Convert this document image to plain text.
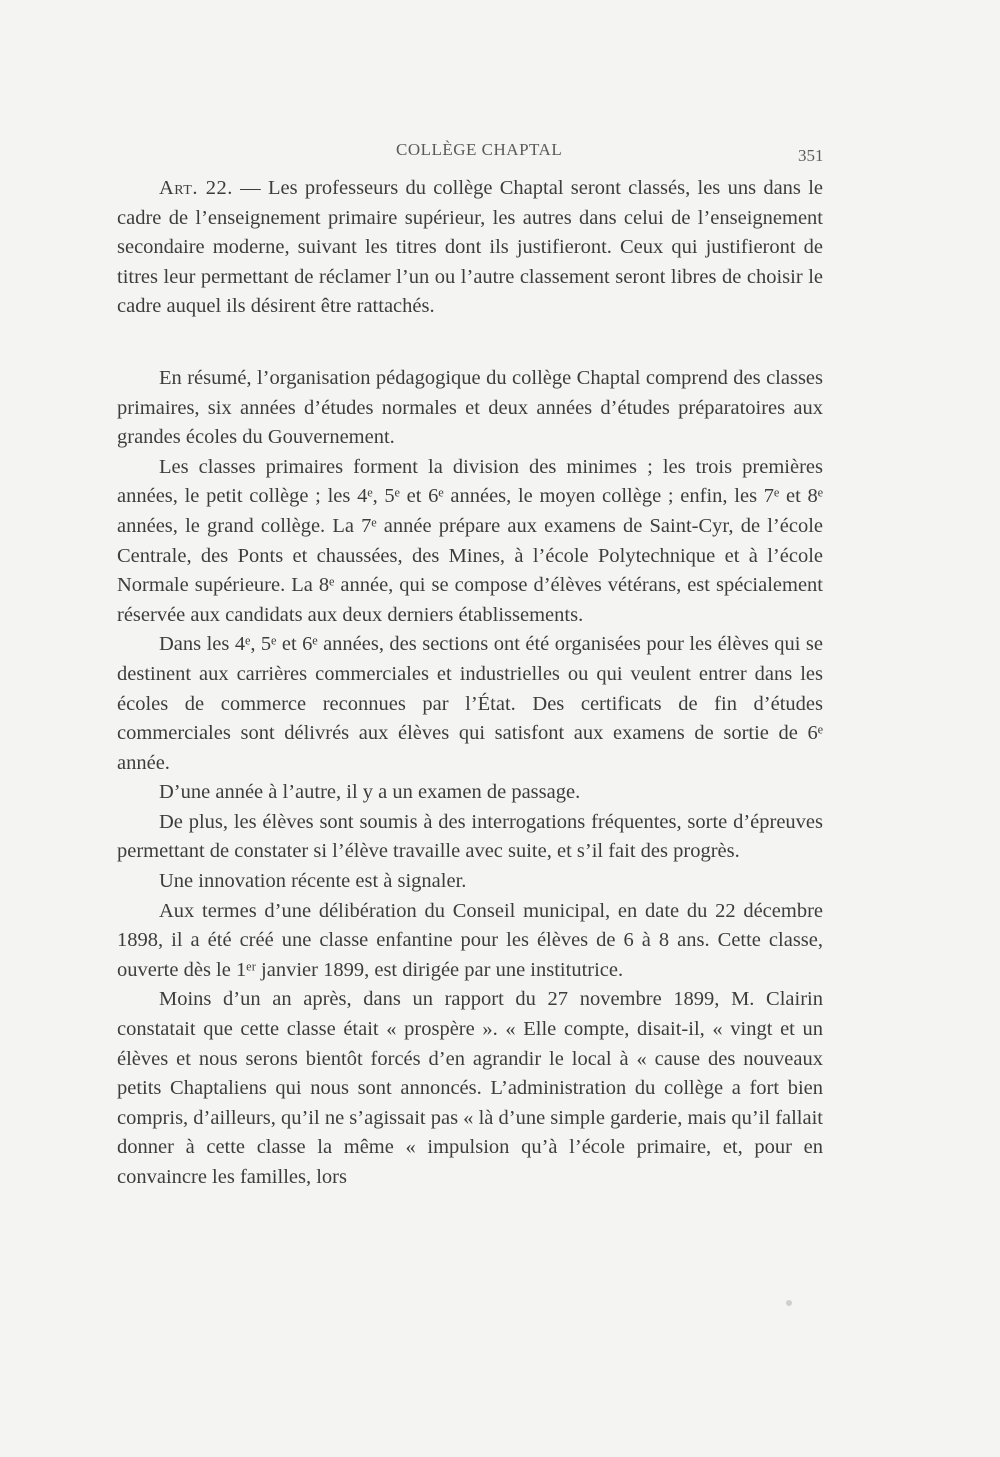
COLLÈGE CHAPTAL	351

Art. 22. — Les professeurs du collège Chaptal seront classés, les uns dans le cadre de l’enseignement primaire supérieur, les autres dans celui de l’enseignement secondaire moderne, suivant les titres dont ils justifieront. Ceux qui justifieront de titres leur permettant de réclamer l’un ou l’autre classement seront libres de choisir le cadre auquel ils désirent être rattachés.

En résumé, l’organisation pédagogique du collège Chaptal comprend des classes primaires, six années d’études normales et deux années d’études préparatoires aux grandes écoles du Gouvernement.

Les classes primaires forment la division des minimes ; les trois premières années, le petit collège ; les 4ᵉ, 5ᵉ et 6ᵉ années, le moyen collège ; enfin, les 7ᵉ et 8ᵉ années, le grand collège. La 7ᵉ année prépare aux examens de Saint-Cyr, de l’école Centrale, des Ponts et chaussées, des Mines, à l’école Polytechnique et à l’école Normale supérieure. La 8ᵉ année, qui se compose d’élèves vétérans, est spécialement réservée aux candidats aux deux derniers établissements.

Dans les 4ᵉ, 5ᵉ et 6ᵉ années, des sections ont été organisées pour les élèves qui se destinent aux carrières commerciales et industrielles ou qui veulent entrer dans les écoles de commerce reconnues par l’État. Des certificats de fin d’études commerciales sont délivrés aux élèves qui satisfont aux examens de sortie de 6ᵉ année.

D’une année à l’autre, il y a un examen de passage.

De plus, les élèves sont soumis à des interrogations fréquentes, sorte d’épreuves permettant de constater si l’élève travaille avec suite, et s’il fait des progrès.

Une innovation récente est à signaler.

Aux termes d’une délibération du Conseil municipal, en date du 22 décembre 1898, il a été créé une classe enfantine pour les élèves de 6 à 8 ans. Cette classe, ouverte dès le 1ᵉʳ janvier 1899, est dirigée par une institutrice.

Moins d’un an après, dans un rapport du 27 novembre 1899, M. Clairin constatait que cette classe était « prospère ». « Elle compte, disait-il, « vingt et un élèves et nous serons bientôt forcés d’en agrandir le local à « cause des nouveaux petits Chaptaliens qui nous sont annoncés. L’administration du collège a fort bien compris, d’ailleurs, qu’il ne s’agissait pas « là d’une simple garderie, mais qu’il fallait donner à cette classe la même « impulsion qu’à l’école primaire, et, pour en convaincre les familles, lors
